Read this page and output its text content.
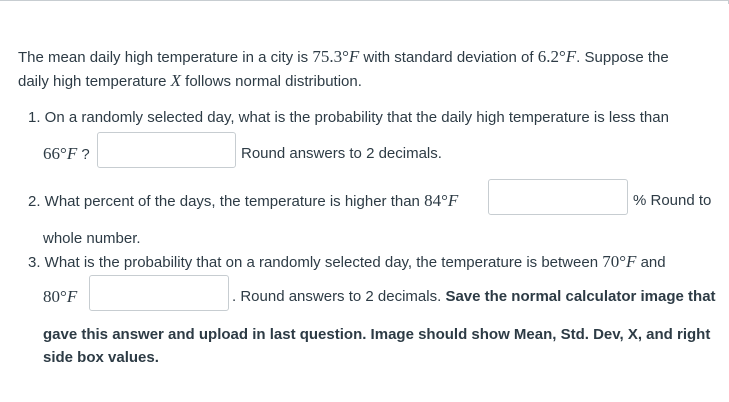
The mean daily high temperature in a city is 75.3°F with standard deviation of 6.2°F. Suppose the
daily high temperature X follows normal distribution.
1. On a randomly selected day, what is the probability that the daily high temperature is less than
66°F ?	Round answers to 2 decimals.
2. What percent of the days, the temperature is higher than 84°F	% Round to
whole number.
3. What is the probability that on a randomly selected day, the temperature is between 70°F and
80°F	. Round answers to 2 decimals. Save the normal calculator image that
gave this answer and upload in last question. Image should show Mean, Std. Dev, X, and right
side box values.
